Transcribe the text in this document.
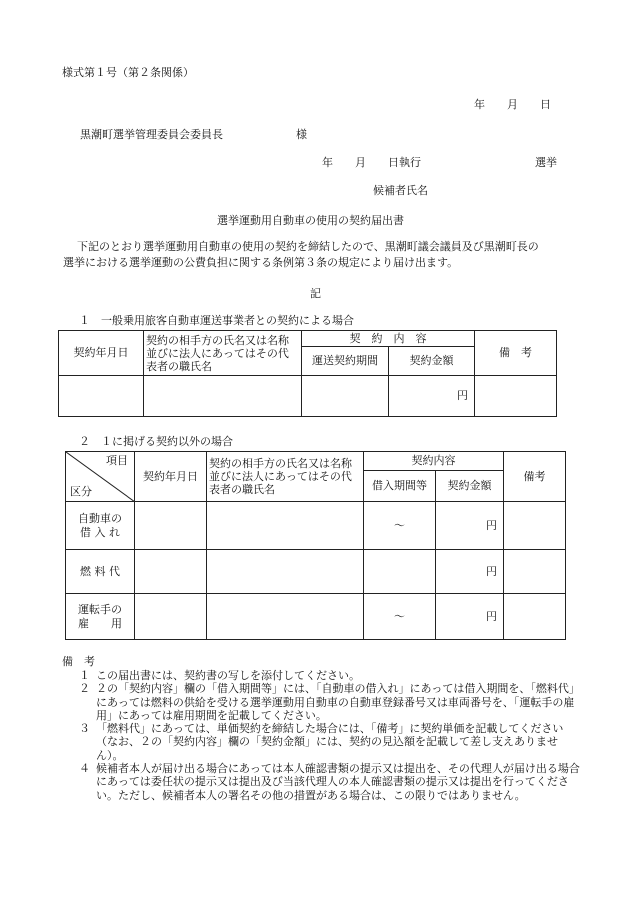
様式第１号（第２条関係）
年　　月　　日
黒潮町選挙管理委員会委員長	様
年　　月　　日執行	選挙
候補者氏名
選挙運動用自動車の使用の契約届出書
下記のとおり選挙運動用自動車の使用の契約を締結したので、黒潮町議会議員及び黒潮町長の
選挙における選挙運動の公費負担に関する条例第３条の規定により届け出ます。
記
１　一般乗用旅客自動車運送事業者との契約による場合
契約年月日	契約の相手方の氏名又は名称並びに法人にあってはその代表者の職氏名	契　約　内　容		備　考
		運送契約期間	契約金額	
			円	
２　１に掲げる契約以外の場合
項目
区分	契約年月日	契約の相手方の氏名又は名称並びに法人にあってはその代表者の職氏名	契約内容		備考
			借入期間等	契約金額	

自動車の
借 入 れ			～	円	
燃 料 代				円	

運転手の
雇　　用			～	円	
備　考
１ この届出書には、契約書の写しを添付してください。
２ ２の「契約内容」欄の「借入期間等」には、「自動車の借入れ」にあっては借入期間を、「燃料代」にあっては燃料の供給を受ける選挙運動用自動車の自動車登録番号又は車両番号を、「運転手の雇用」にあっては雇用期間を記載してください。
３ 「燃料代」にあっては、単価契約を締結した場合には、「備考」に契約単価を記載してください（なお、２の「契約内容」欄の「契約金額」には、契約の見込額を記載して差し支えありません）。
４ 候補者本人が届け出る場合にあっては本人確認書類の提示又は提出を、その代理人が届け出る場合にあっては委任状の提示又は提出及び当該代理人の本人確認書類の提示又は提出を行ってください。ただし、候補者本人の署名その他の措置がある場合は、この限りではありません。
